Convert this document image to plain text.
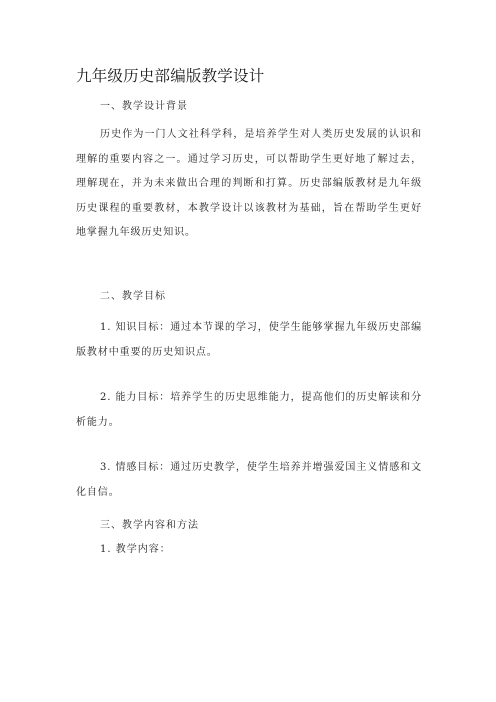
九年级历史部编版教学设计
一、教学设计背景
历史作为一门人文社科学科，是培养学生对人类历史发展的认识和理解的重要内容之一。通过学习历史，可以帮助学生更好地了解过去，理解现在，并为未来做出合理的判断和打算。历史部编版教材是九年级历史课程的重要教材，本教学设计以该教材为基础，旨在帮助学生更好地掌握九年级历史知识。
二、教学目标
1. 知识目标：通过本节课的学习，使学生能够掌握九年级历史部编版教材中重要的历史知识点。
2. 能力目标：培养学生的历史思维能力，提高他们的历史解读和分析能力。
3. 情感目标：通过历史教学，使学生培养并增强爱国主义情感和文化自信。
三、教学内容和方法
1. 教学内容：
